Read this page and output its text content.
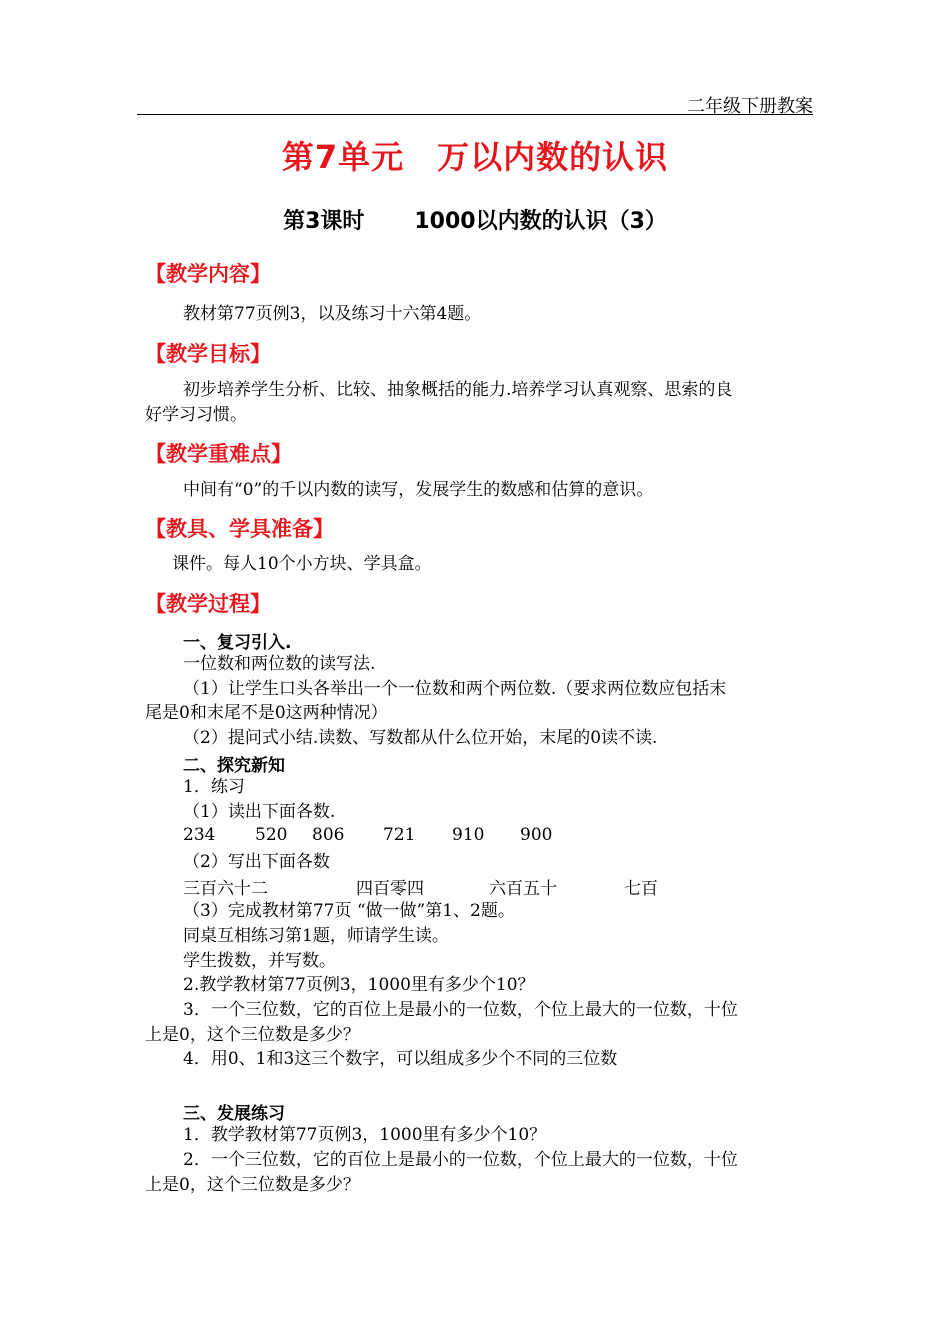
二年级下册教案
第7单元　万以内数的认识
第3课时 1000以内数的认识（3）
【教学内容】
教材第77页例3，以及练习十六第4题。
【教学目标】
初步培养学生分析、比较、抽象概括的能力.培养学习认真观察、思索的良
好学习习惯。
【教学重难点】
中间有“0”的千以内数的读写，发展学生的数感和估算的意识。
【教具、学具准备】
课件。每人10个小方块、学具盒。
【教学过程】
一、复习引入.
一位数和两位数的读写法.
（1）让学生口头各举出一个一位数和两个两位数.（要求两位数应包括末
尾是0和末尾不是0这两种情况）
（2）提问式小结.读数、写数都从什么位开始，末尾的0读不读.
二、探究新知
1．练习
（1）读出下面各数.
234 520 806 721 910 900
（2）写出下面各数
三百六十二	四百零四	六百五十	七百
（3）完成教材第77页 “做一做”第1、2题。
同桌互相练习第1题，师请学生读。
学生拨数，并写数。
2.教学教材第77页例3，1000里有多少个10？
3．一个三位数，它的百位上是最小的一位数，个位上最大的一位数，十位
上是0，这个三位数是多少？
4．用0、1和3这三个数字，可以组成多少个不同的三位数
三、发展练习
1．教学教材第77页例3，1000里有多少个10？
2．一个三位数，它的百位上是最小的一位数，个位上最大的一位数，十位
上是0，这个三位数是多少？
